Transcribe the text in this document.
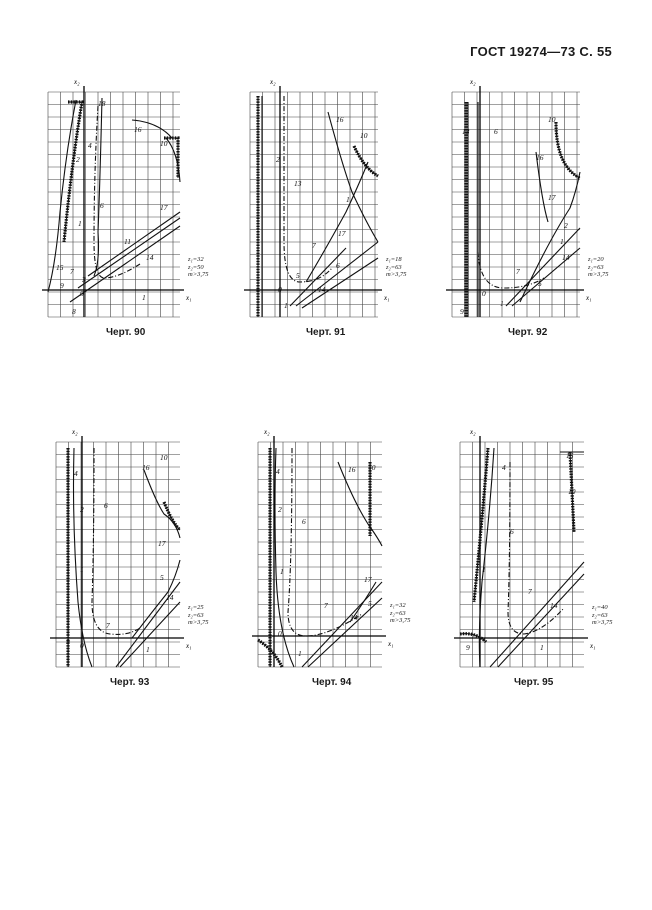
ГОСТ 19274—73 С. 55
x₂
x₁
18
16
4	10
2
6	17
1
11
14
15 7
3
9
0	1
8
z₁=32
z₂=50
m>3,75
Черт. 90
x₂
x₁
16
10
13
2
1
17
7
5
14
6
0
1
z₁=18
z₂=63
m>3,75
Черт. 91
x₂
x₁
13	6
10
16
17
2
1
7
5
14
9
0
1
z₁=20
z₂=63
m>3,75
Черт. 92
x₂
x₁
4
6
10
16
2
17
1
5
14
7
9 0	1
z₁=25
z₂=63
m>3,75
Черт. 93
x₂
x₁
4	16 10
2
6
1
17
7
14
5
0
1
z₁=32
z₂=63
m>3,75
Черт. 94
x₂
x₁
4
15
10
6
1
7
14
9	1
z₁=40
z₂=63
m>3,75
Черт. 95
